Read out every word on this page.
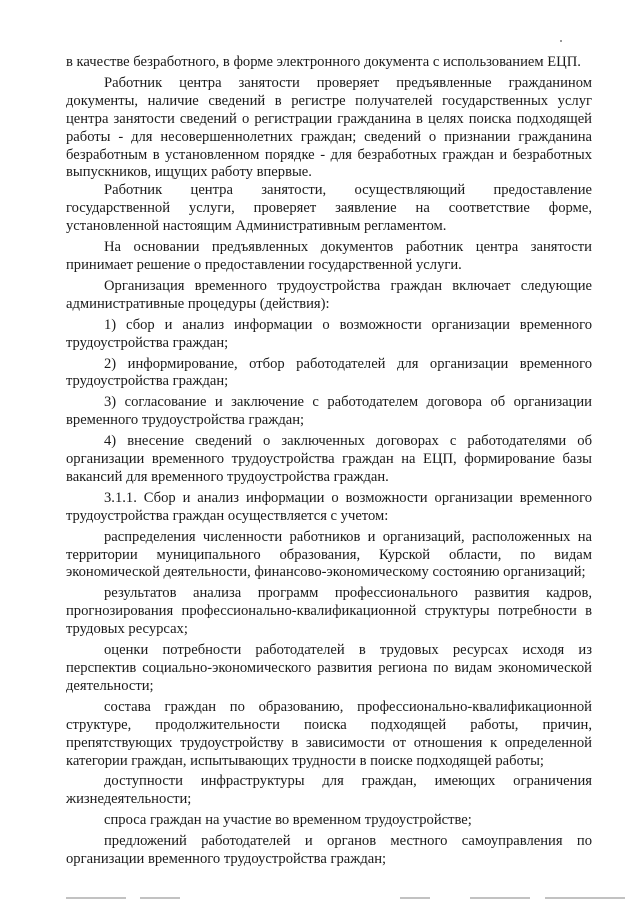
в качестве безработного, в форме электронного документа с использованием ЕЦП.

Работник центра занятости проверяет предъявленные гражданином документы, наличие сведений в регистре получателей государственных услуг центра занятости сведений о регистрации гражданина в целях поиска подходящей работы - для несовершеннолетних граждан; сведений о признании гражданина безработным в установленном порядке - для безработных граждан и безработных выпускников, ищущих работу впервые.

Работник центра занятости, осуществляющий предоставление государственной услуги, проверяет заявление на соответствие форме, установленной настоящим Административным регламентом.

На основании предъявленных документов работник центра занятости принимает решение о предоставлении государственной услуги.

Организация временного трудоустройства граждан включает следующие административные процедуры (действия):

1) сбор и анализ информации о возможности организации временного трудоустройства граждан;

2) информирование, отбор работодателей для организации временного трудоустройства граждан;

3) согласование и заключение с работодателем договора об организации временного трудоустройства граждан;

4) внесение сведений о заключенных договорах с работодателями об организации временного трудоустройства граждан на ЕЦП, формирование базы вакансий для временного трудоустройства граждан.

3.1.1. Сбор и анализ информации о возможности организации временного трудоустройства граждан осуществляется с учетом:

распределения численности работников и организаций, расположенных на территории муниципального образования, Курской области, по видам экономической деятельности, финансово-экономическому состоянию организаций;

результатов анализа программ профессионального развития кадров, прогнозирования профессионально-квалификационной структуры потребности в трудовых ресурсах;

оценки потребности работодателей в трудовых ресурсах исходя из перспектив социально-экономического развития региона по видам экономической деятельности;

состава граждан по образованию, профессионально-квалификационной структуре, продолжительности поиска подходящей работы, причин, препятствующих трудоустройству в зависимости от отношения к определенной категории граждан, испытывающих трудности в поиске подходящей работы;

доступности инфраструктуры для граждан, имеющих ограничения жизнедеятельности;

спроса граждан на участие во временном трудоустройстве;

предложений работодателей и органов местного самоуправления по организации временного трудоустройства граждан;
